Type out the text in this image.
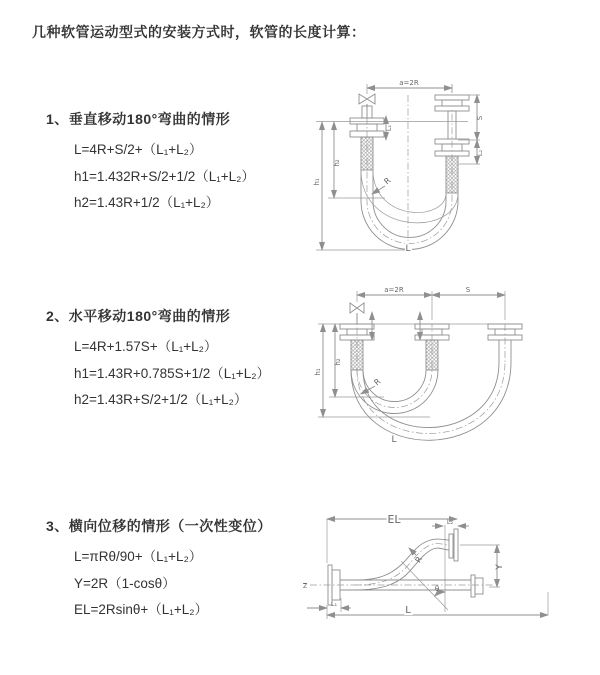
几种软管运动型式的安装方式时，软管的长度计算：
1、垂直移动180°弯曲的情形
L=4R+S/2+（L₁+L₂）
h1=1.432R+S/2+1/2（L₁+L₂）
h2=1.43R+1/2（L₁+L₂）
2、水平移动180°弯曲的情形
L=4R+1.57S+（L₁+L₂）
h1=1.43R+0.785S+1/2（L₁+L₂）
h2=1.43R+S/2+1/2（L₁+L₂）
3、横向位移的情形（一次性变位）
L=πRθ/90+（L₁+L₂）
Y=2R（1-cosθ）
EL=2Rsinθ+（L₁+L₂）
a=2R
h₁
h₂
L₁
S
L₂
R
L
a=2R	S
h₁
h₂
R
L
EL	L₂
Y
Z
R
θ
L₁
L
